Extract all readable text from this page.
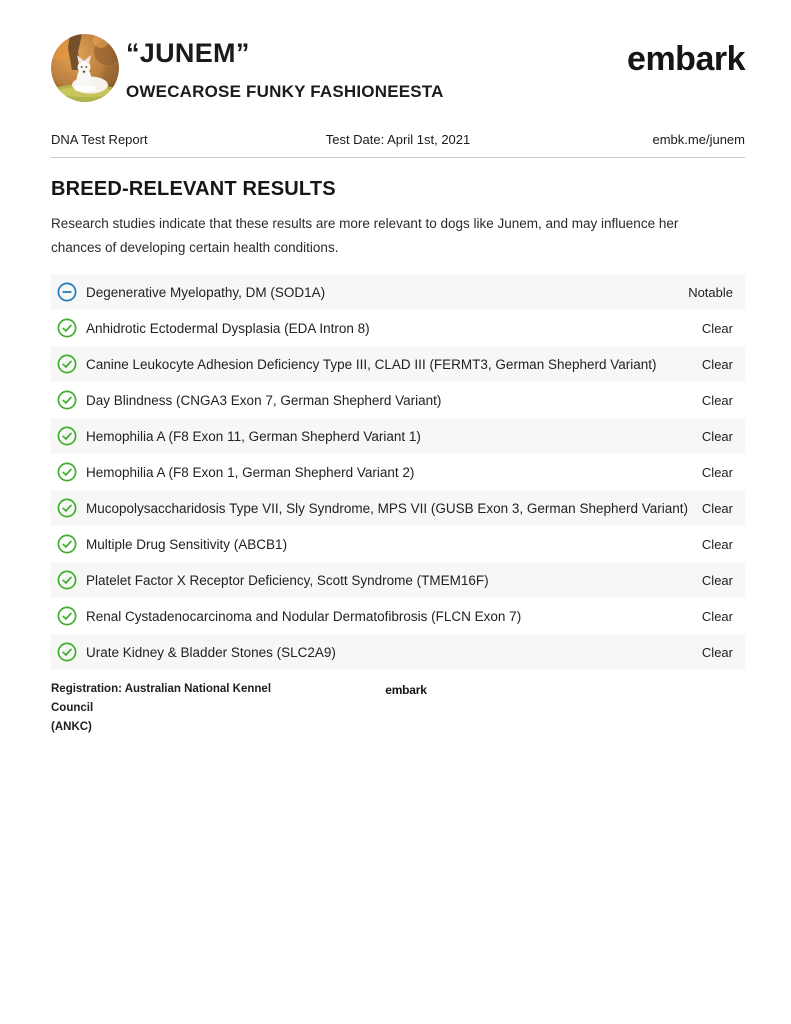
“JUNEM”
OWECAROSE FUNKY FASHIONEESTA
embark
DNA Test Report	Test Date: April 1st, 2021	embk.me/junem
BREED-RELEVANT RESULTS

Research studies indicate that these results are more relevant to dogs like Junem, and may influence her chances of developing certain health conditions.

Degenerative Myelopathy, DM (SOD1A)	Notable
Anhidrotic Ectodermal Dysplasia (EDA Intron 8)	Clear
Canine Leukocyte Adhesion Deficiency Type III, CLAD III (FERMT3, German Shepherd Variant)	Clear
Day Blindness (CNGA3 Exon 7, German Shepherd Variant)	Clear
Hemophilia A (F8 Exon 11, German Shepherd Variant 1)	Clear
Hemophilia A (F8 Exon 1, German Shepherd Variant 2)	Clear
Mucopolysaccharidosis Type VII, Sly Syndrome, MPS VII (GUSB Exon 3, German Shepherd Variant)	Clear
Multiple Drug Sensitivity (ABCB1)	Clear
Platelet Factor X Receptor Deficiency, Scott Syndrome (TMEM16F)	Clear
Renal Cystadenocarcinoma and Nodular Dermatofibrosis (FLCN Exon 7)	Clear
Urate Kidney & Bladder Stones (SLC2A9)	Clear
Registration: Australian National Kennel Council
(ANKC)
embark
